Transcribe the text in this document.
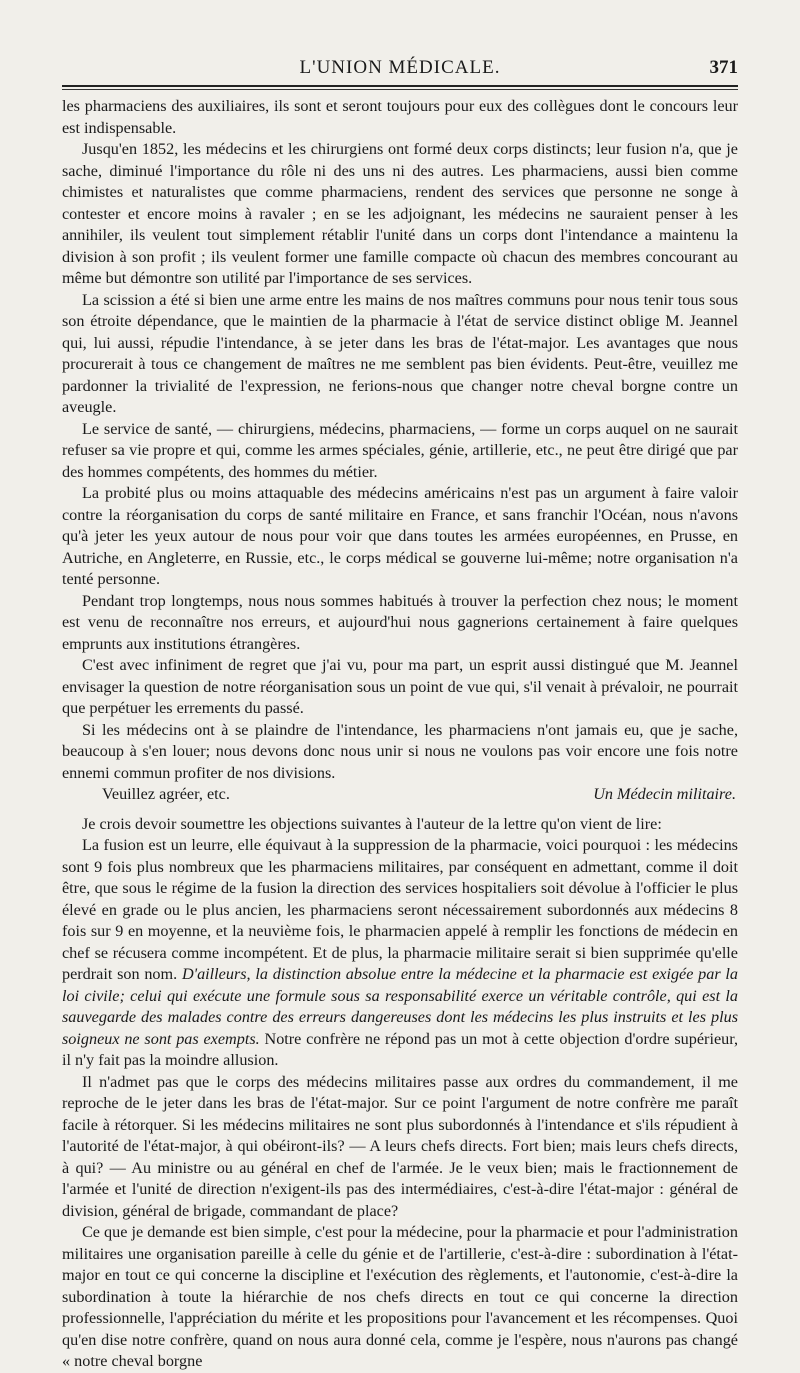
L'UNION MÉDICALE.	371

les pharmaciens des auxiliaires, ils sont et seront toujours pour eux des collègues dont le concours leur est indispensable.

Jusqu'en 1852, les médecins et les chirurgiens ont formé deux corps distincts; leur fusion n'a, que je sache, diminué l'importance du rôle ni des uns ni des autres. Les pharmaciens, aussi bien comme chimistes et naturalistes que comme pharmaciens, rendent des services que personne ne songe à contester et encore moins à ravaler ; en se les adjoignant, les médecins ne sauraient penser à les annihiler, ils veulent tout simplement rétablir l'unité dans un corps dont l'intendance a maintenu la division à son profit ; ils veulent former une famille compacte où chacun des membres concourant au même but démontre son utilité par l'importance de ses services.

La scission a été si bien une arme entre les mains de nos maîtres communs pour nous tenir tous sous son étroite dépendance, que le maintien de la pharmacie à l'état de service distinct oblige M. Jeannel qui, lui aussi, répudie l'intendance, à se jeter dans les bras de l'état-major. Les avantages que nous procurerait à tous ce changement de maîtres ne me semblent pas bien évidents. Peut-être, veuillez me pardonner la trivialité de l'expression, ne ferions-nous que changer notre cheval borgne contre un aveugle.

Le service de santé, — chirurgiens, médecins, pharmaciens, — forme un corps auquel on ne saurait refuser sa vie propre et qui, comme les armes spéciales, génie, artillerie, etc., ne peut être dirigé que par des hommes compétents, des hommes du métier.

La probité plus ou moins attaquable des médecins américains n'est pas un argument à faire valoir contre la réorganisation du corps de santé militaire en France, et sans franchir l'Océan, nous n'avons qu'à jeter les yeux autour de nous pour voir que dans toutes les armées européennes, en Prusse, en Autriche, en Angleterre, en Russie, etc., le corps médical se gouverne lui-même; notre organisation n'a tenté personne.

Pendant trop longtemps, nous nous sommes habitués à trouver la perfection chez nous; le moment est venu de reconnaître nos erreurs, et aujourd'hui nous gagnerions certainement à faire quelques emprunts aux institutions étrangères.

C'est avec infiniment de regret que j'ai vu, pour ma part, un esprit aussi distingué que M. Jeannel envisager la question de notre réorganisation sous un point de vue qui, s'il venait à prévaloir, ne pourrait que perpétuer les errements du passé.

Si les médecins ont à se plaindre de l'intendance, les pharmaciens n'ont jamais eu, que je sache, beaucoup à s'en louer; nous devons donc nous unir si nous ne voulons pas voir encore une fois notre ennemi commun profiter de nos divisions.

Veuillez agréer, etc.	Un Médecin militaire.

Je crois devoir soumettre les objections suivantes à l'auteur de la lettre qu'on vient de lire:

La fusion est un leurre, elle équivaut à la suppression de la pharmacie, voici pourquoi : les médecins sont 9 fois plus nombreux que les pharmaciens militaires, par conséquent en admettant, comme il doit être, que sous le régime de la fusion la direction des services hospitaliers soit dévolue à l'officier le plus élevé en grade ou le plus ancien, les pharmaciens seront nécessairement subordonnés aux médecins 8 fois sur 9 en moyenne, et la neuvième fois, le pharmacien appelé à remplir les fonctions de médecin en chef se récusera comme incompétent. Et de plus, la pharmacie militaire serait si bien supprimée qu'elle perdrait son nom. D'ailleurs, la distinction absolue entre la médecine et la pharmacie est exigée par la loi civile; celui qui exécute une formule sous sa responsabilité exerce un véritable contrôle, qui est la sauvegarde des malades contre des erreurs dangereuses dont les médecins les plus instruits et les plus soigneux ne sont pas exempts. Notre confrère ne répond pas un mot à cette objection d'ordre supérieur, il n'y fait pas la moindre allusion.

Il n'admet pas que le corps des médecins militaires passe aux ordres du commandement, il me reproche de le jeter dans les bras de l'état-major. Sur ce point l'argument de notre confrère me paraît facile à rétorquer. Si les médecins militaires ne sont plus subordonnés à l'intendance et s'ils répudient à l'autorité de l'état-major, à qui obéiront-ils? — A leurs chefs directs. Fort bien; mais leurs chefs directs, à qui? — Au ministre ou au général en chef de l'armée. Je le veux bien; mais le fractionnement de l'armée et l'unité de direction n'exigent-ils pas des intermédiaires, c'est-à-dire l'état-major : général de division, général de brigade, commandant de place?

Ce que je demande est bien simple, c'est pour la médecine, pour la pharmacie et pour l'administration militaires une organisation pareille à celle du génie et de l'artillerie, c'est-à-dire : subordination à l'état-major en tout ce qui concerne la discipline et l'exécution des règlements, et l'autonomie, c'est-à-dire la subordination à toute la hiérarchie de nos chefs directs en tout ce qui concerne la direction professionnelle, l'appréciation du mérite et les propositions pour l'avancement et les récompenses. Quoi qu'en dise notre confrère, quand on nous aura donné cela, comme je l'espère, nous n'aurons pas changé « notre cheval borgne
